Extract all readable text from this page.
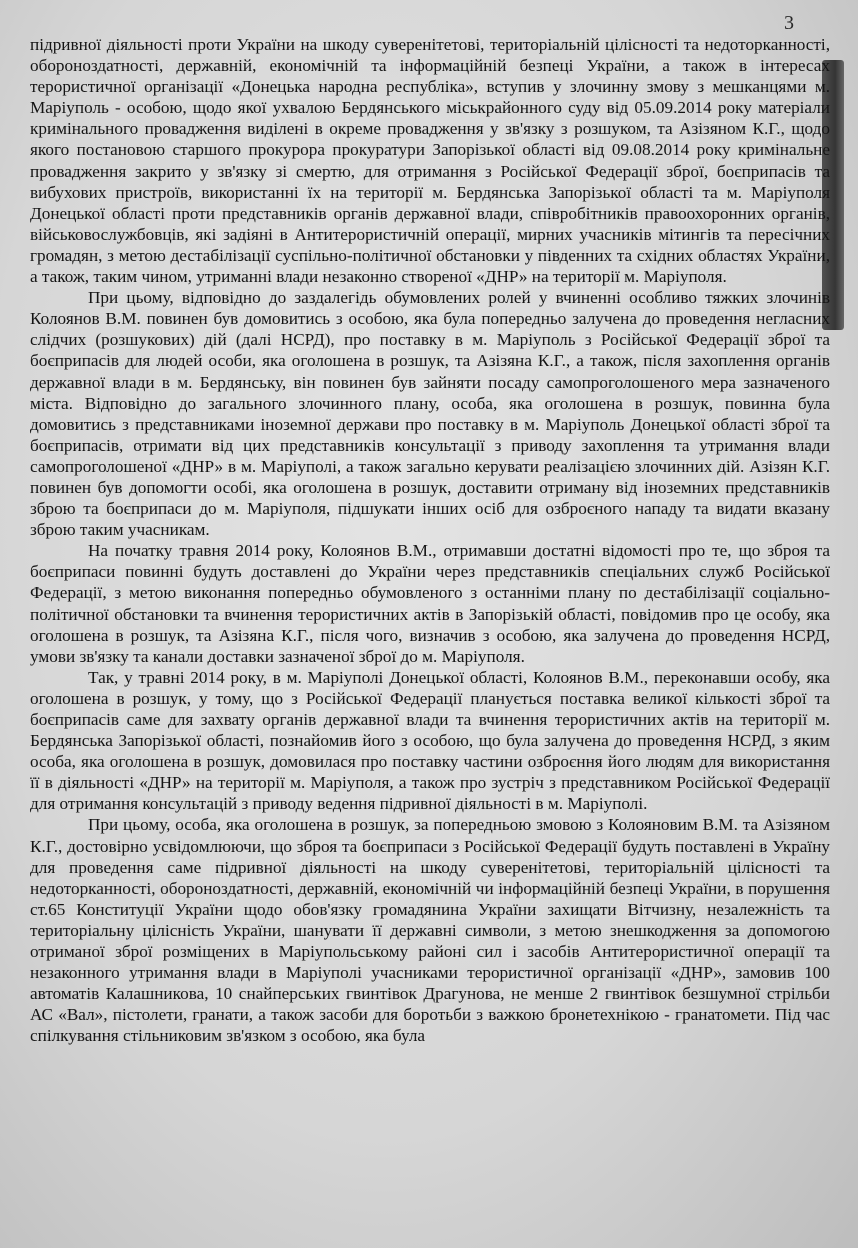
3

підривної діяльності проти України на шкоду суверенітетові, територіальній цілісності та недоторканності, обороноздатності, державній, економічній та інформаційній безпеці України, а також в інтересах терористичної організації «Донецька народна республіка», вступив у злочинну змову з мешканцями м. Маріуполь - особою, щодо якої ухвалою Бердянського міськрайонного суду від 05.09.2014 року матеріали кримінального провадження виділені в окреме провадження у зв'язку з розшуком, та Азізяном К.Г., щодо якого постановою старшого прокурора прокуратури Запорізької області від 09.08.2014 року кримінальне провадження закрито у зв'язку зі смертю, для отримання з Російської Федерації зброї, боєприпасів та вибухових пристроїв, використанні їх на території м. Бердянська Запорізької області та м. Маріуполя Донецької області проти представників органів державної влади, співробітників правоохоронних органів, військовослужбовців, які задіяні в Антитерористичній операції, мирних учасників мітингів та пересічних громадян, з метою дестабілізації суспільно-політичної обстановки у південних та східних областях України, а також, таким чином, утриманні влади незаконно створеної «ДНР» на території м. Маріуполя.

При цьому, відповідно до заздалегідь обумовлених ролей у вчиненні особливо тяжких злочинів Колоянов В.М. повинен був домовитись з особою, яка була попередньо залучена до проведення негласних слідчих (розшукових) дій (далі НСРД), про поставку в м. Маріуполь з Російської Федерації зброї та боєприпасів для людей особи, яка оголошена в розшук, та Азізяна К.Г., а також, після захоплення органів державної влади в м. Бердянську, він повинен був зайняти посаду самопроголошеного мера зазначеного міста. Відповідно до загального злочинного плану, особа, яка оголошена в розшук, повинна була домовитись з представниками іноземної держави про поставку в м. Маріуполь Донецької області зброї та боєприпасів, отримати від цих представників консультації з приводу захоплення та утримання влади самопроголошеної «ДНР» в м. Маріуполі, а також загально керувати реалізацією злочинних дій. Азізян К.Г. повинен був допомогти особі, яка оголошена в розшук, доставити отриману від іноземних представників зброю та боєприпаси до м. Маріуполя, підшукати інших осіб для озброєного нападу та видати вказану зброю таким учасникам.

На початку травня 2014 року, Колоянов В.М., отримавши достатні відомості про те, що зброя та боєприпаси повинні будуть доставлені до України через представників спеціальних служб Російської Федерації, з метою виконання попередньо обумовленого з останніми плану по дестабілізації соціально-політичної обстановки та вчинення терористичних актів в Запорізькій області, повідомив про це особу, яка оголошена в розшук, та Азізяна К.Г., після чого, визначив з особою, яка залучена до проведення НСРД, умови зв'язку та канали доставки зазначеної зброї до м. Маріуполя.

Так, у травні 2014 року, в м. Маріуполі Донецької області, Колоянов В.М., переконавши особу, яка оголошена в розшук, у тому, що з Російської Федерації планується поставка великої кількості зброї та боєприпасів саме для захвату органів державної влади та вчинення терористичних актів на території м. Бердянська Запорізької області, познайомив його з особою, що була залучена до проведення НСРД, з яким особа, яка оголошена в розшук, домовилася про поставку частини озброєння його людям для використання її в діяльності «ДНР» на території м. Маріуполя, а також про зустріч з представником Російської Федерації для отримання консультацій з приводу ведення підривної діяльності в м. Маріуполі.

При цьому, особа, яка оголошена в розшук, за попередньою змовою з Колояновим В.М. та Азізяном К.Г., достовірно усвідомлюючи, що зброя та боєприпаси з Російської Федерації будуть поставлені в Україну для проведення саме підривної діяльності на шкоду суверенітетові, територіальній цілісності та недоторканності, обороноздатності, державній, економічній чи інформаційній безпеці України, в порушення ст.65 Конституції України щодо обов'язку громадянина України захищати Вітчизну, незалежність та територіальну цілісність України, шанувати її державні символи, з метою знешкодження за допомогою отриманої зброї розміщених в Маріупольському районі сил і засобів Антитерористичної операції та незаконного утримання влади в Маріуполі учасниками терористичної організації «ДНР», замовив 100 автоматів Калашникова, 10 снайперських гвинтівок Драгунова, не менше 2 гвинтівок безшумної стрільби АС «Вал», пістолети, гранати, а також засоби для боротьби з важкою бронетехнікою - гранатомети. Під час спілкування стільниковим зв'язком з особою, яка була
